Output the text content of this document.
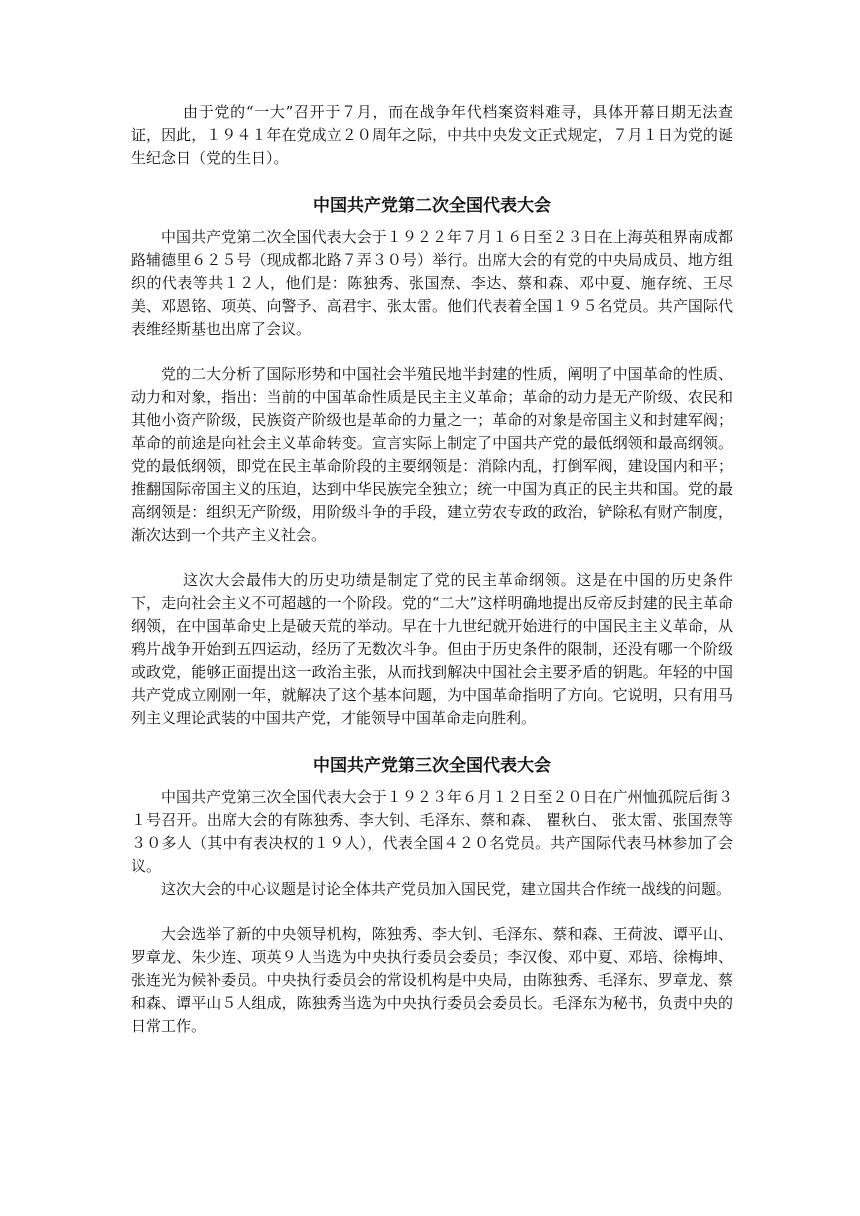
由于党的“一大”召开于７月，而在战争年代档案资料难寻，具体开幕日期无法查证，因此，１９４１年在党成立２０周年之际，中共中央发文正式规定，７月１日为党的诞生纪念日（党的生日）。

中国共产党第二次全国代表大会

中国共产党第二次全国代表大会于１９２２年７月１６日至２３日在上海英租界南成都路辅德里６２５号（现成都北路７弄３０号）举行。出席大会的有党的中央局成员、地方组织的代表等共１２人，他们是：陈独秀、张国焘、李达、蔡和森、邓中夏、施存统、王尽美、邓恩铭、项英、向警予、高君宇、张太雷。他们代表着全国１９５名党员。共产国际代表维经斯基也出席了会议。

党的二大分析了国际形势和中国社会半殖民地半封建的性质，阐明了中国革命的性质、动力和对象，指出：当前的中国革命性质是民主主义革命；革命的动力是无产阶级、农民和其他小资产阶级，民族资产阶级也是革命的力量之一；革命的对象是帝国主义和封建军阀；革命的前途是向社会主义革命转变。宣言实际上制定了中国共产党的最低纲领和最高纲领。党的最低纲领，即党在民主革命阶段的主要纲领是：消除内乱，打倒军阀，建设国内和平；推翻国际帝国主义的压迫，达到中华民族完全独立；统一中国为真正的民主共和国。党的最高纲领是：组织无产阶级，用阶级斗争的手段，建立劳农专政的政治，铲除私有财产制度，渐次达到一个共产主义社会。

这次大会最伟大的历史功绩是制定了党的民主革命纲领。这是在中国的历史条件下，走向社会主义不可超越的一个阶段。党的“二大”这样明确地提出反帝反封建的民主革命纲领，在中国革命史上是破天荒的举动。早在十九世纪就开始进行的中国民主主义革命，从鸦片战争开始到五四运动，经历了无数次斗争。但由于历史条件的限制，还没有哪一个阶级或政党，能够正面提出这一政治主张，从而找到解决中国社会主要矛盾的钥匙。年轻的中国共产党成立刚刚一年，就解决了这个基本问题，为中国革命指明了方向。它说明，只有用马列主义理论武装的中国共产党，才能领导中国革命走向胜利。

中国共产党第三次全国代表大会

中国共产党第三次全国代表大会于１９２３年６月１２日至２０日在广州恤孤院后街３１号召开。出席大会的有陈独秀、李大钊、毛泽东、蔡和森、 瞿秋白、 张太雷、张国焘等３０多人（其中有表决权的１９人），代表全国４２０名党员。共产国际代表马林参加了会议。

这次大会的中心议题是讨论全体共产党员加入国民党，建立国共合作统一战线的问题。

大会选举了新的中央领导机构，陈独秀、李大钊、毛泽东、蔡和森、王荷波、谭平山、罗章龙、朱少连、项英９人当选为中央执行委员会委员；李汉俊、邓中夏、邓培、徐梅坤、张连光为候补委员。中央执行委员会的常设机构是中央局，由陈独秀、毛泽东、罗章龙、蔡和森、谭平山５人组成，陈独秀当选为中央执行委员会委员长。毛泽东为秘书，负责中央的日常工作。
